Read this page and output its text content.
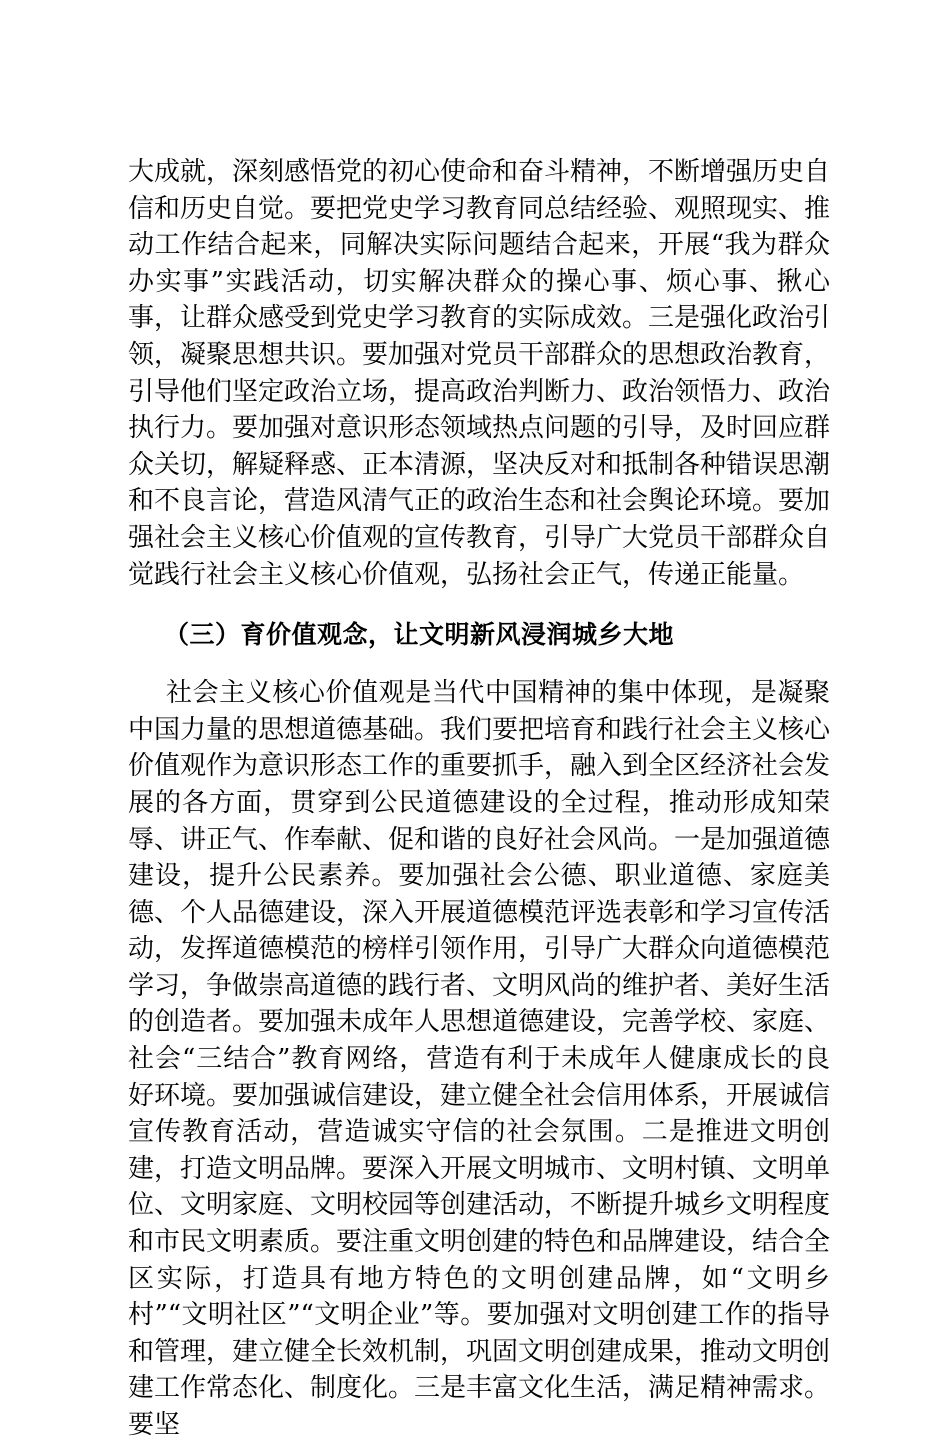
大成就，深刻感悟党的初心使命和奋斗精神，不断增强历史自信和历史自觉。要把党史学习教育同总结经验、观照现实、推动工作结合起来，同解决实际问题结合起来，开展“我为群众办实事”实践活动，切实解决群众的操心事、烦心事、揪心事，让群众感受到党史学习教育的实际成效。三是强化政治引领，凝聚思想共识。要加强对党员干部群众的思想政治教育，引导他们坚定政治立场，提高政治判断力、政治领悟力、政治执行力。要加强对意识形态领域热点问题的引导，及时回应群众关切，解疑释惑、正本清源，坚决反对和抵制各种错误思潮和不良言论，营造风清气正的政治生态和社会舆论环境。要加强社会主义核心价值观的宣传教育，引导广大党员干部群众自觉践行社会主义核心价值观，弘扬社会正气，传递正能量。

（三）育价值观念，让文明新风浸润城乡大地

社会主义核心价值观是当代中国精神的集中体现，是凝聚中国力量的思想道德基础。我们要把培育和践行社会主义核心价值观作为意识形态工作的重要抓手，融入到全区经济社会发展的各方面，贯穿到公民道德建设的全过程，推动形成知荣辱、讲正气、作奉献、促和谐的良好社会风尚。一是加强道德建设，提升公民素养。要加强社会公德、职业道德、家庭美德、个人品德建设，深入开展道德模范评选表彰和学习宣传活动，发挥道德模范的榜样引领作用，引导广大群众向道德模范学习，争做崇高道德的践行者、文明风尚的维护者、美好生活的创造者。要加强未成年人思想道德建设，完善学校、家庭、社会“三结合”教育网络，营造有利于未成年人健康成长的良好环境。要加强诚信建设，建立健全社会信用体系，开展诚信宣传教育活动，营造诚实守信的社会氛围。二是推进文明创建，打造文明品牌。要深入开展文明城市、文明村镇、文明单位、文明家庭、文明校园等创建活动，不断提升城乡文明程度和市民文明素质。要注重文明创建的特色和品牌建设，结合全区实际，打造具有地方特色的文明创建品牌，如“文明乡村”“文明社区”“文明企业”等。要加强对文明创建工作的指导和管理，建立健全长效机制，巩固文明创建成果，推动文明创建工作常态化、制度化。三是丰富文化生活，满足精神需求。要坚
